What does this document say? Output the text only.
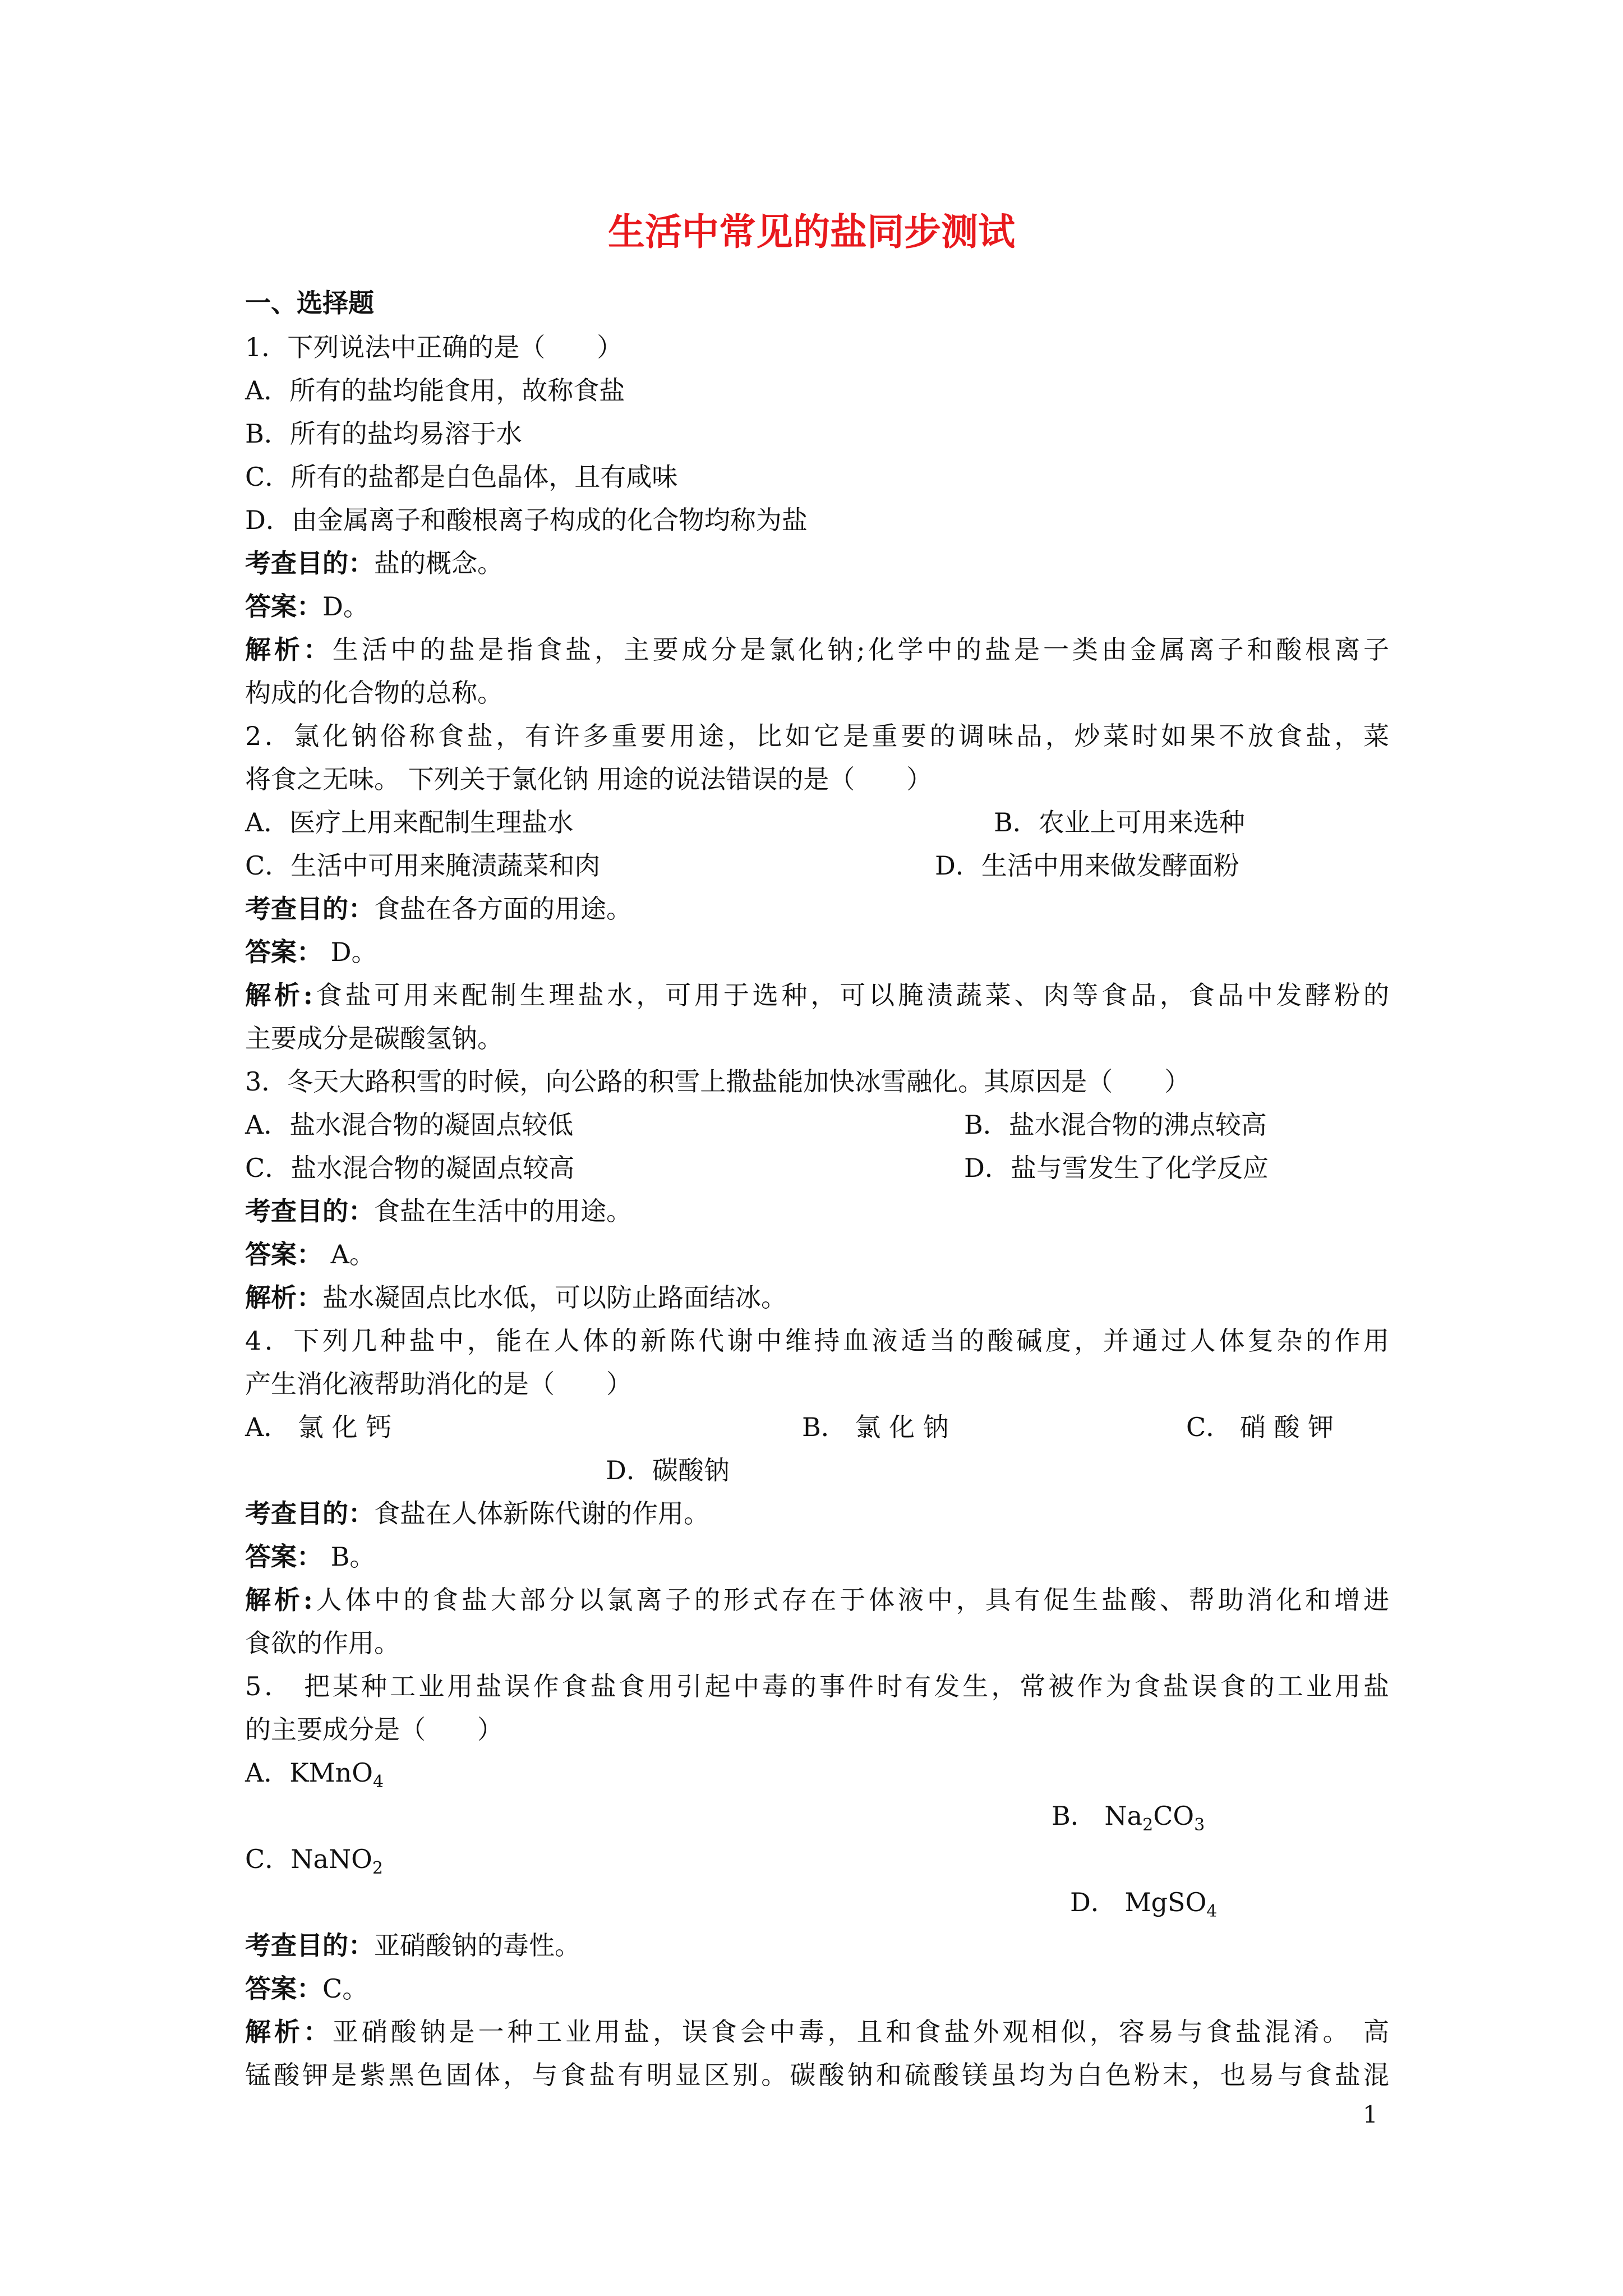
生活中常见的盐同步测试
一、选择题
1．下列说法中正确的是（　　）
A．所有的盐均能食用，故称食盐
B．所有的盐均易溶于水
C．所有的盐都是白色晶体，且有咸味
D．由金属离子和酸根离子构成的化合物均称为盐
考查目的：盐的概念。
答案：D。
解析：生活中的盐是指食盐，主要成分是氯化钠;化学中的盐是一类由金属离子和酸根离子
构成的化合物的总称。
2．氯化钠俗称食盐，有许多重要用途，比如它是重要的调味品，炒菜时如果不放食盐，菜
将食之无味。 下列关于氯化钠 用途的说法错误的是（　　）
A．医疗上用来配制生理盐水	B．农业上可用来选种
C．生活中可用来腌渍蔬菜和肉	D．生活中用来做发酵面粉
考查目的：食盐在各方面的用途。
答案： D。
解析:食盐可用来配制生理盐水，可用于选种，可以腌渍蔬菜、肉等食品，食品中发酵粉的
主要成分是碳酸氢钠。
3．冬天大路积雪的时候，向公路的积雪上撒盐能加快冰雪融化。其原因是（　　）
A．盐水混合物的凝固点较低	B．盐水混合物的沸点较高
C．盐水混合物的凝固点较高	D．盐与雪发生了化学反应
考查目的：食盐在生活中的用途。
答案： A。
解析：盐水凝固点比水低，可以防止路面结冰。
4．下列几种盐中，能在人体的新陈代谢中维持血液适当的酸碱度，并通过人体复杂的作用
产生消化液帮助消化的是（　　）
A． 氯 化 钙	B． 氯 化 钠	C． 硝 酸 钾
D．碳酸钠
考查目的：食盐在人体新陈代谢的作用。
答案： B。
解析:人体中的食盐大部分以氯离子的形式存在于体液中，具有促生盐酸、帮助消化和增进
食欲的作用。
5． 把某种工业用盐误作食盐食用引起中毒的事件时有发生，常被作为食盐误食的工业用盐
的主要成分是（　　）
A．KMnO$_4$
B． $Na_2CO_3$
C．NaNO$_2$
D． MgSO$_4$
考查目的：亚硝酸钠的毒性。
答案：C。
解析：亚硝酸钠是一种工业用盐，误食会中毒，且和食盐外观相似，容易与食盐混淆。 高
锰酸钾是紫黑色固体，与食盐有明显区别。碳酸钠和硫酸镁虽均为白色粉末，也易与食盐混
1
